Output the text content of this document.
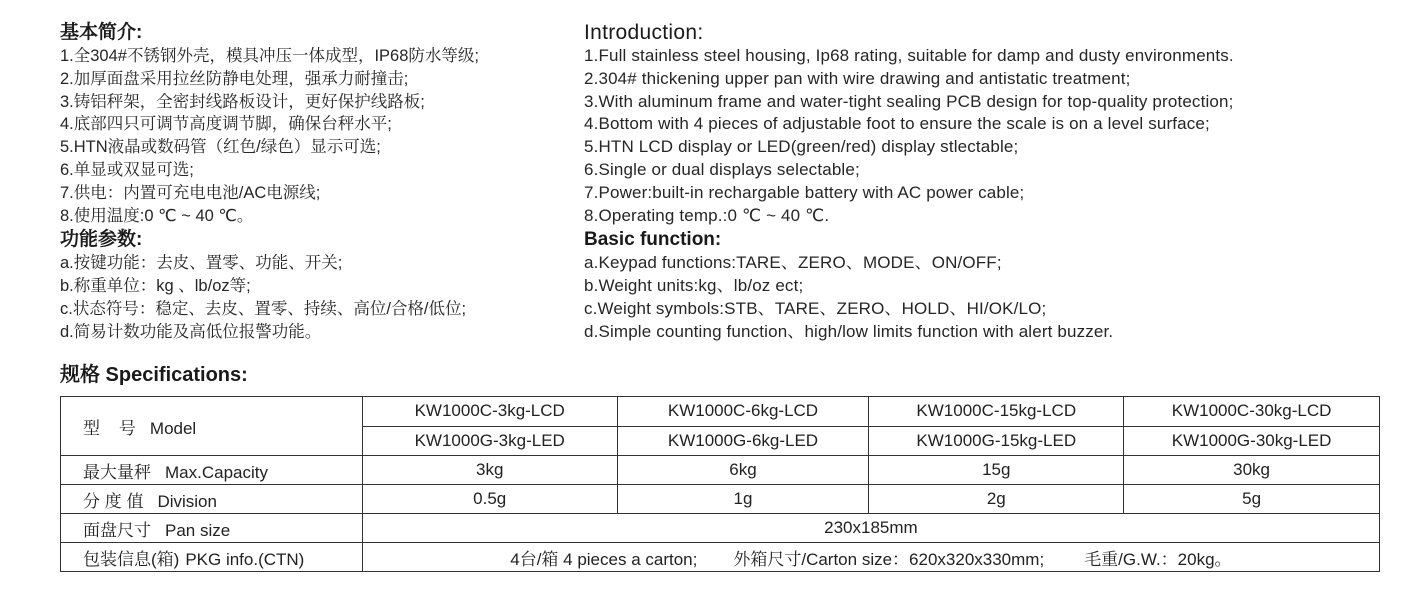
基本简介:
1.全304#不锈钢外壳，模具冲压一体成型，IP68防水等级;
2.加厚面盘采用拉丝防静电处理，强承力耐撞击;
3.铸铝秤架，全密封线路板设计，更好保护线路板;
4.底部四只可调节高度调节脚，确保台秤水平;
5.HTN液晶或数码管（红色/绿色）显示可选;
6.单显或双显可选;
7.供电：内置可充电电池/AC电源线;
8.使用温度:0 ℃ ~ 40 ℃。
功能参数:
a.按键功能：去皮、置零、功能、开关;
b.称重单位：kg 、lb/oz等;
c.状态符号：稳定、去皮、置零、持续、高位/合格/低位;
d.简易计数功能及高低位报警功能。
Introduction:
1.Full stainless steel housing, Ip68 rating, suitable for damp and dusty environments.
2.304# thickening upper pan with wire drawing and antistatic treatment;
3.With aluminum frame and water-tight sealing PCB design for top-quality protection;
4.Bottom with 4 pieces of adjustable foot to ensure the scale is on a level surface;
5.HTN LCD display or LED(green/red) display stlectable;
6.Single or dual displays selectable;
7.Power:built-in rechargable battery with AC power cable;
8.Operating temp.:0 ℃ ~ 40 ℃.
Basic function:
a.Keypad functions:TARE、ZERO、MODE、ON/OFF;
b.Weight units:kg、lb/oz ect;
c.Weight symbols:STB、TARE、ZERO、HOLD、HI/OK/LO;
d.Simple counting function、high/low limits function with alert buzzer.
规格 Specifications:
型    号 Model	KW1000C-3kg-LCD	KW1000C-6kg-LCD	KW1000C-15kg-LCD	KW1000C-30kg-LCD
	KW1000G-3kg-LED	KW1000G-6kg-LED	KW1000G-15kg-LED	KW1000G-30kg-LED
最大量秤 Max.Capacity	3kg	6kg	15g	30kg
分 度 值 Division	0.5g	1g	2g	5g
面盘尺寸 Pan size	230x185mm			
包装信息(箱) PKG info.(CTN)	4台/箱 4 pieces a carton; 外箱尺寸/Carton size：620x320x330mm; 毛重/G.W.：20kg。			
